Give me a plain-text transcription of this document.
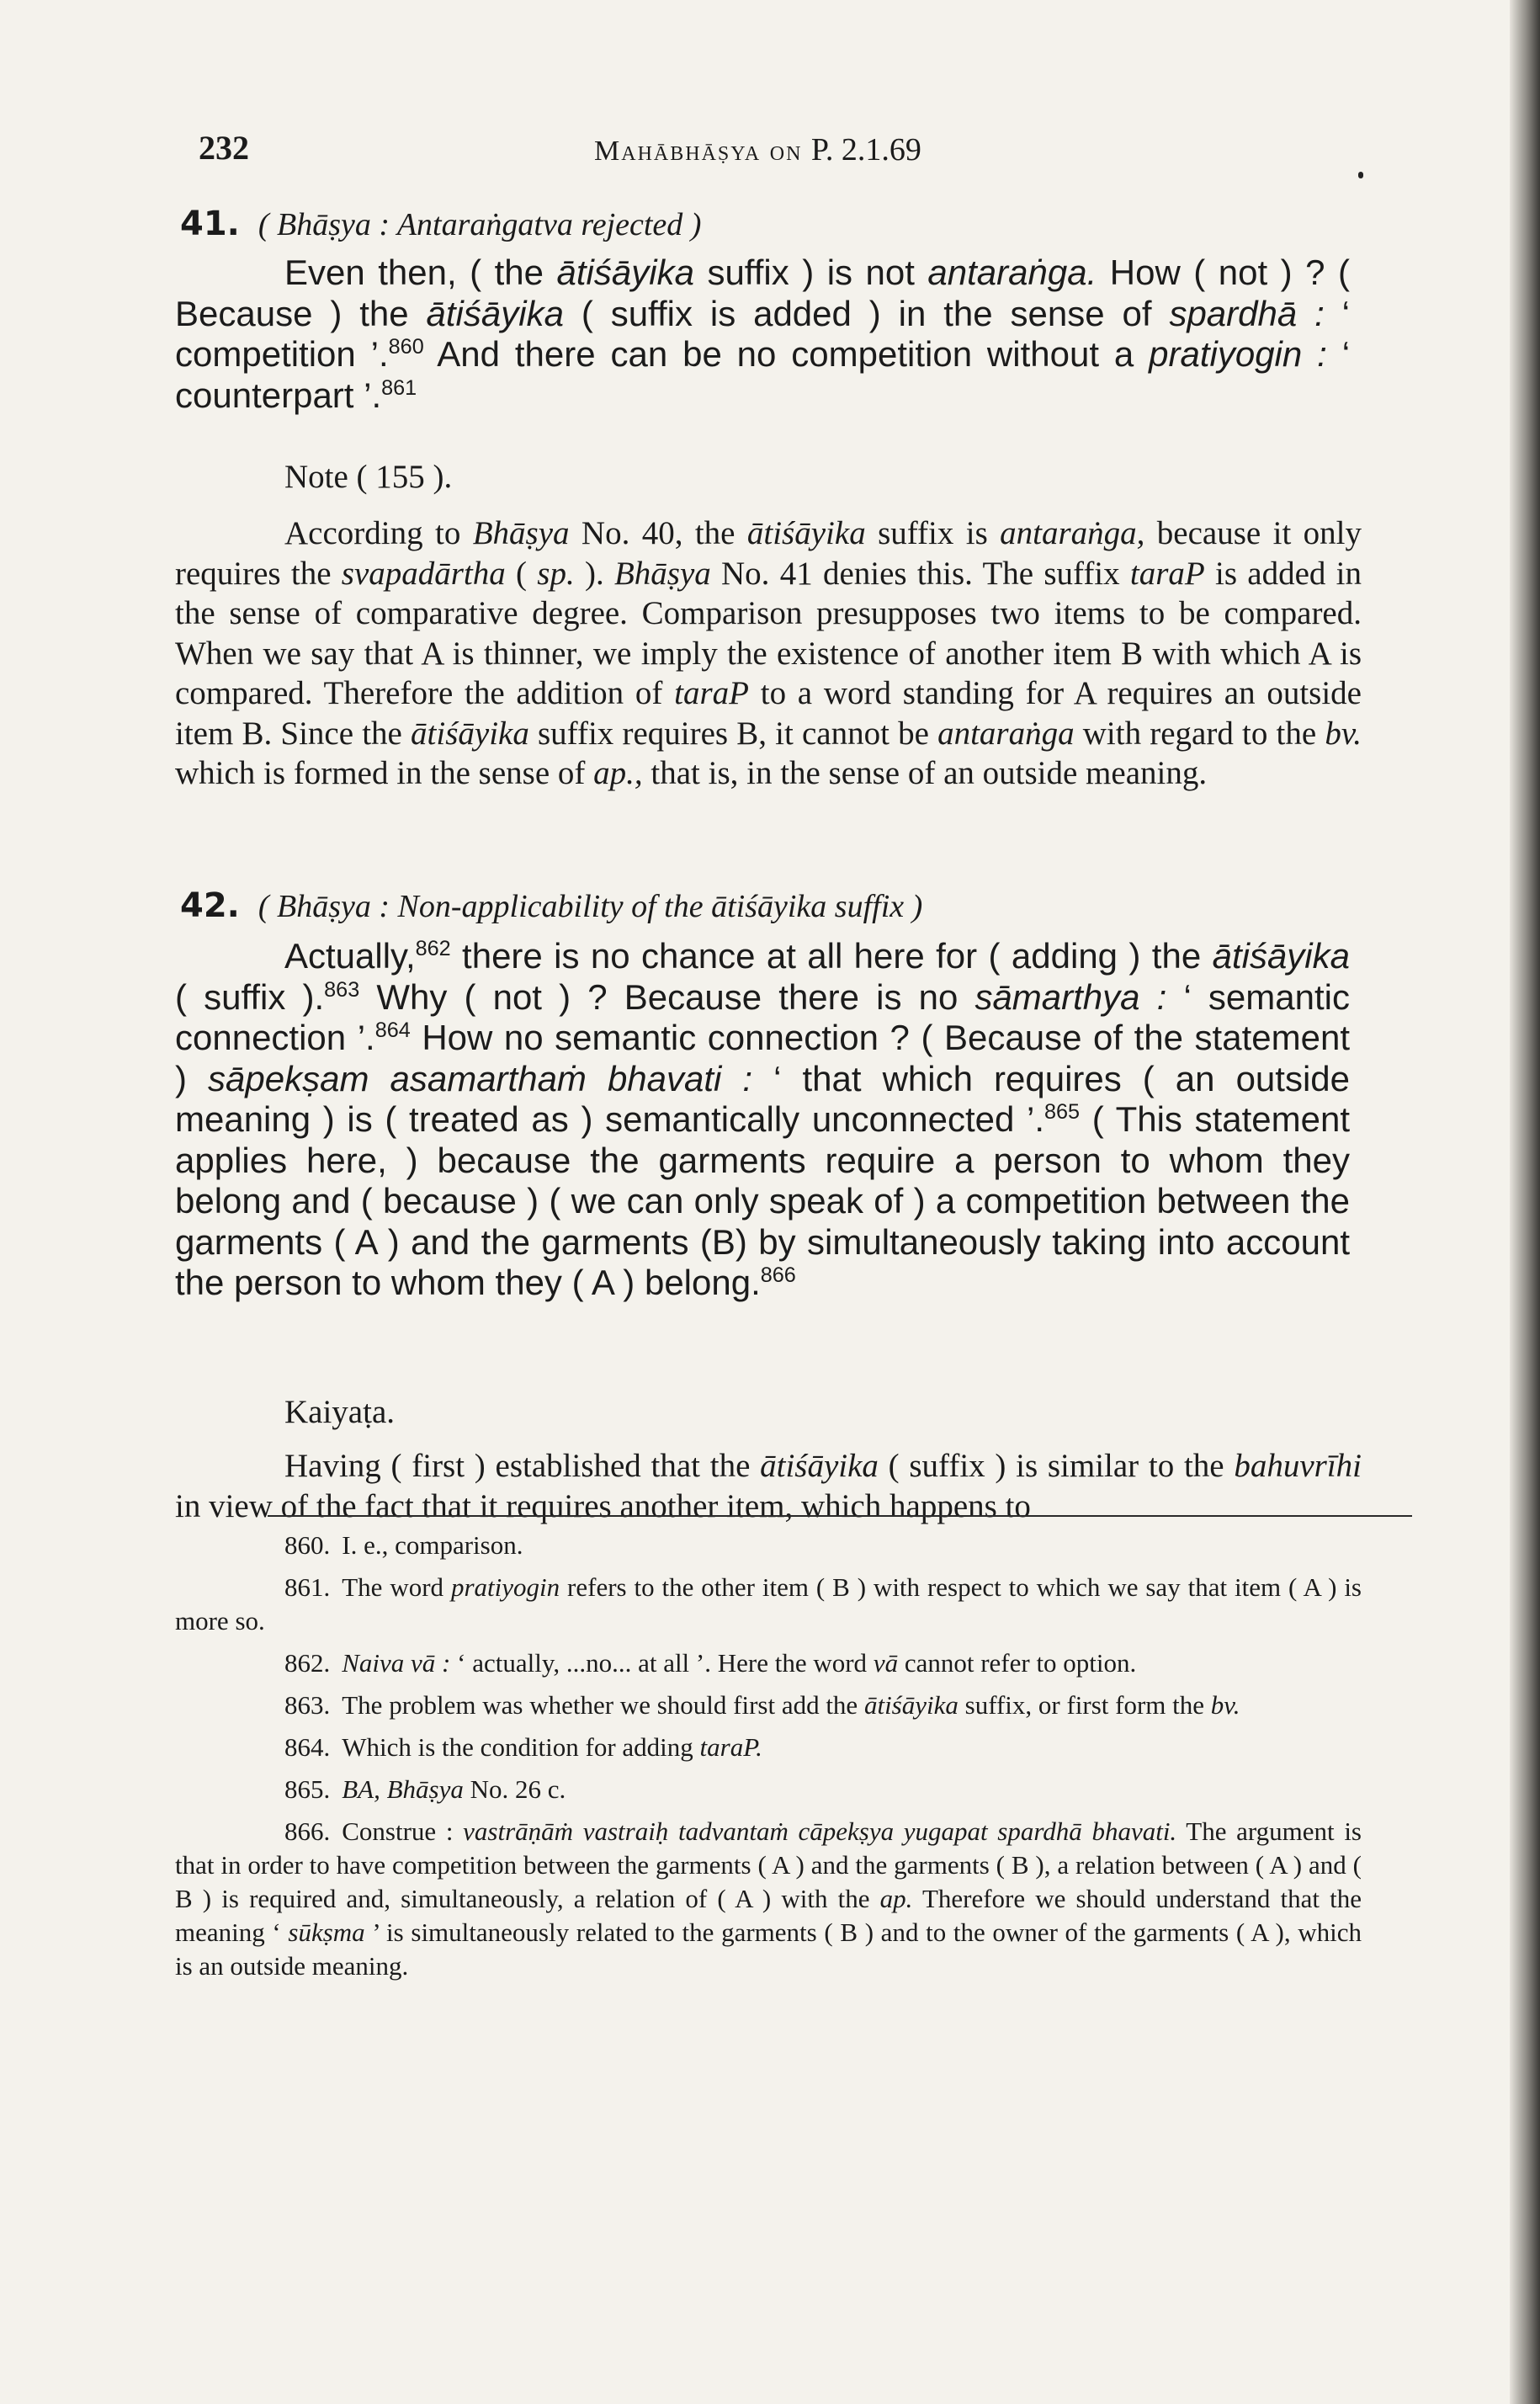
232	Mahābhāṣya on P. 2.1.69
41. ( Bhāṣya : Antaraṅgatva rejected )

Even then, ( the ātiśāyika suffix ) is not antaraṅga. How ( not ) ? ( Because ) the ātiśāyika ( suffix is added ) in the sense of spardhā : ‘ competition ’.$^{860}$ And there can be no competition without a pratiyogin : ‘ counterpart ’.$^{861}$

Note ( 155 ).

According to Bhāṣya No. 40, the ātiśāyika suffix is antaraṅga, because it only requires the svapadārtha ( sp. ). Bhāṣya No. 41 denies this. The suffix taraP is added in the sense of comparative degree. Comparison presupposes two items to be compared. When we say that A is thinner, we imply the existence of another item B with which A is compared. Therefore the addition of taraP to a word standing for A requires an outside item B. Since the ātiśāyika suffix requires B, it cannot be antaraṅga with regard to the bv. which is formed in the sense of ap., that is, in the sense of an outside meaning.

42. ( Bhāṣya : Non-applicability of the ātiśāyika suffix )

Actually,$^{862}$ there is no chance at all here for ( adding ) the ātiśāyika ( suffix ).$^{863}$ Why ( not ) ? Because there is no sāmarthya : ‘ semantic connection ’.$^{864}$ How no semantic connection ? ( Because of the statement ) sāpekṣam asamarthaṁ bhavati : ‘ that which requires ( an outside meaning ) is ( treated as ) semantically unconnected ’.$^{865}$ ( This statement applies here, ) because the garments require a person to whom they belong and ( because ) ( we can only speak of ) a competition between the garments ( A ) and the garments (B) by simultaneously taking into account the person to whom they ( A ) belong.$^{866}$

Kaiyaṭa.

Having ( first ) established that the ātiśāyika ( suffix ) is similar to the bahuvrīhi in view of the fact that it requires another item, which happens to

860. I. e., comparison.

861. The word pratiyogin refers to the other item ( B ) with respect to which we say that item ( A ) is more so.

862. Naiva vā : ‘ actually, ...no... at all ’. Here the word vā cannot refer to option.

863. The problem was whether we should first add the ātiśāyika suffix, or first form the bv.

864. Which is the condition for adding taraP.

865. BA, Bhāṣya No. 26 c.

866. Construe : vastrāṇāṁ vastraiḥ tadvantaṁ cāpekṣya yugapat spardhā bhavati. The argument is that in order to have competition between the garments ( A ) and the garments ( B ), a relation between ( A ) and ( B ) is required and, simultaneously, a relation of ( A ) with the ap. Therefore we should understand that the meaning ‘ sūkṣma ’ is simultaneously related to the garments ( B ) and to the owner of the garments ( A ), which is an outside meaning.
